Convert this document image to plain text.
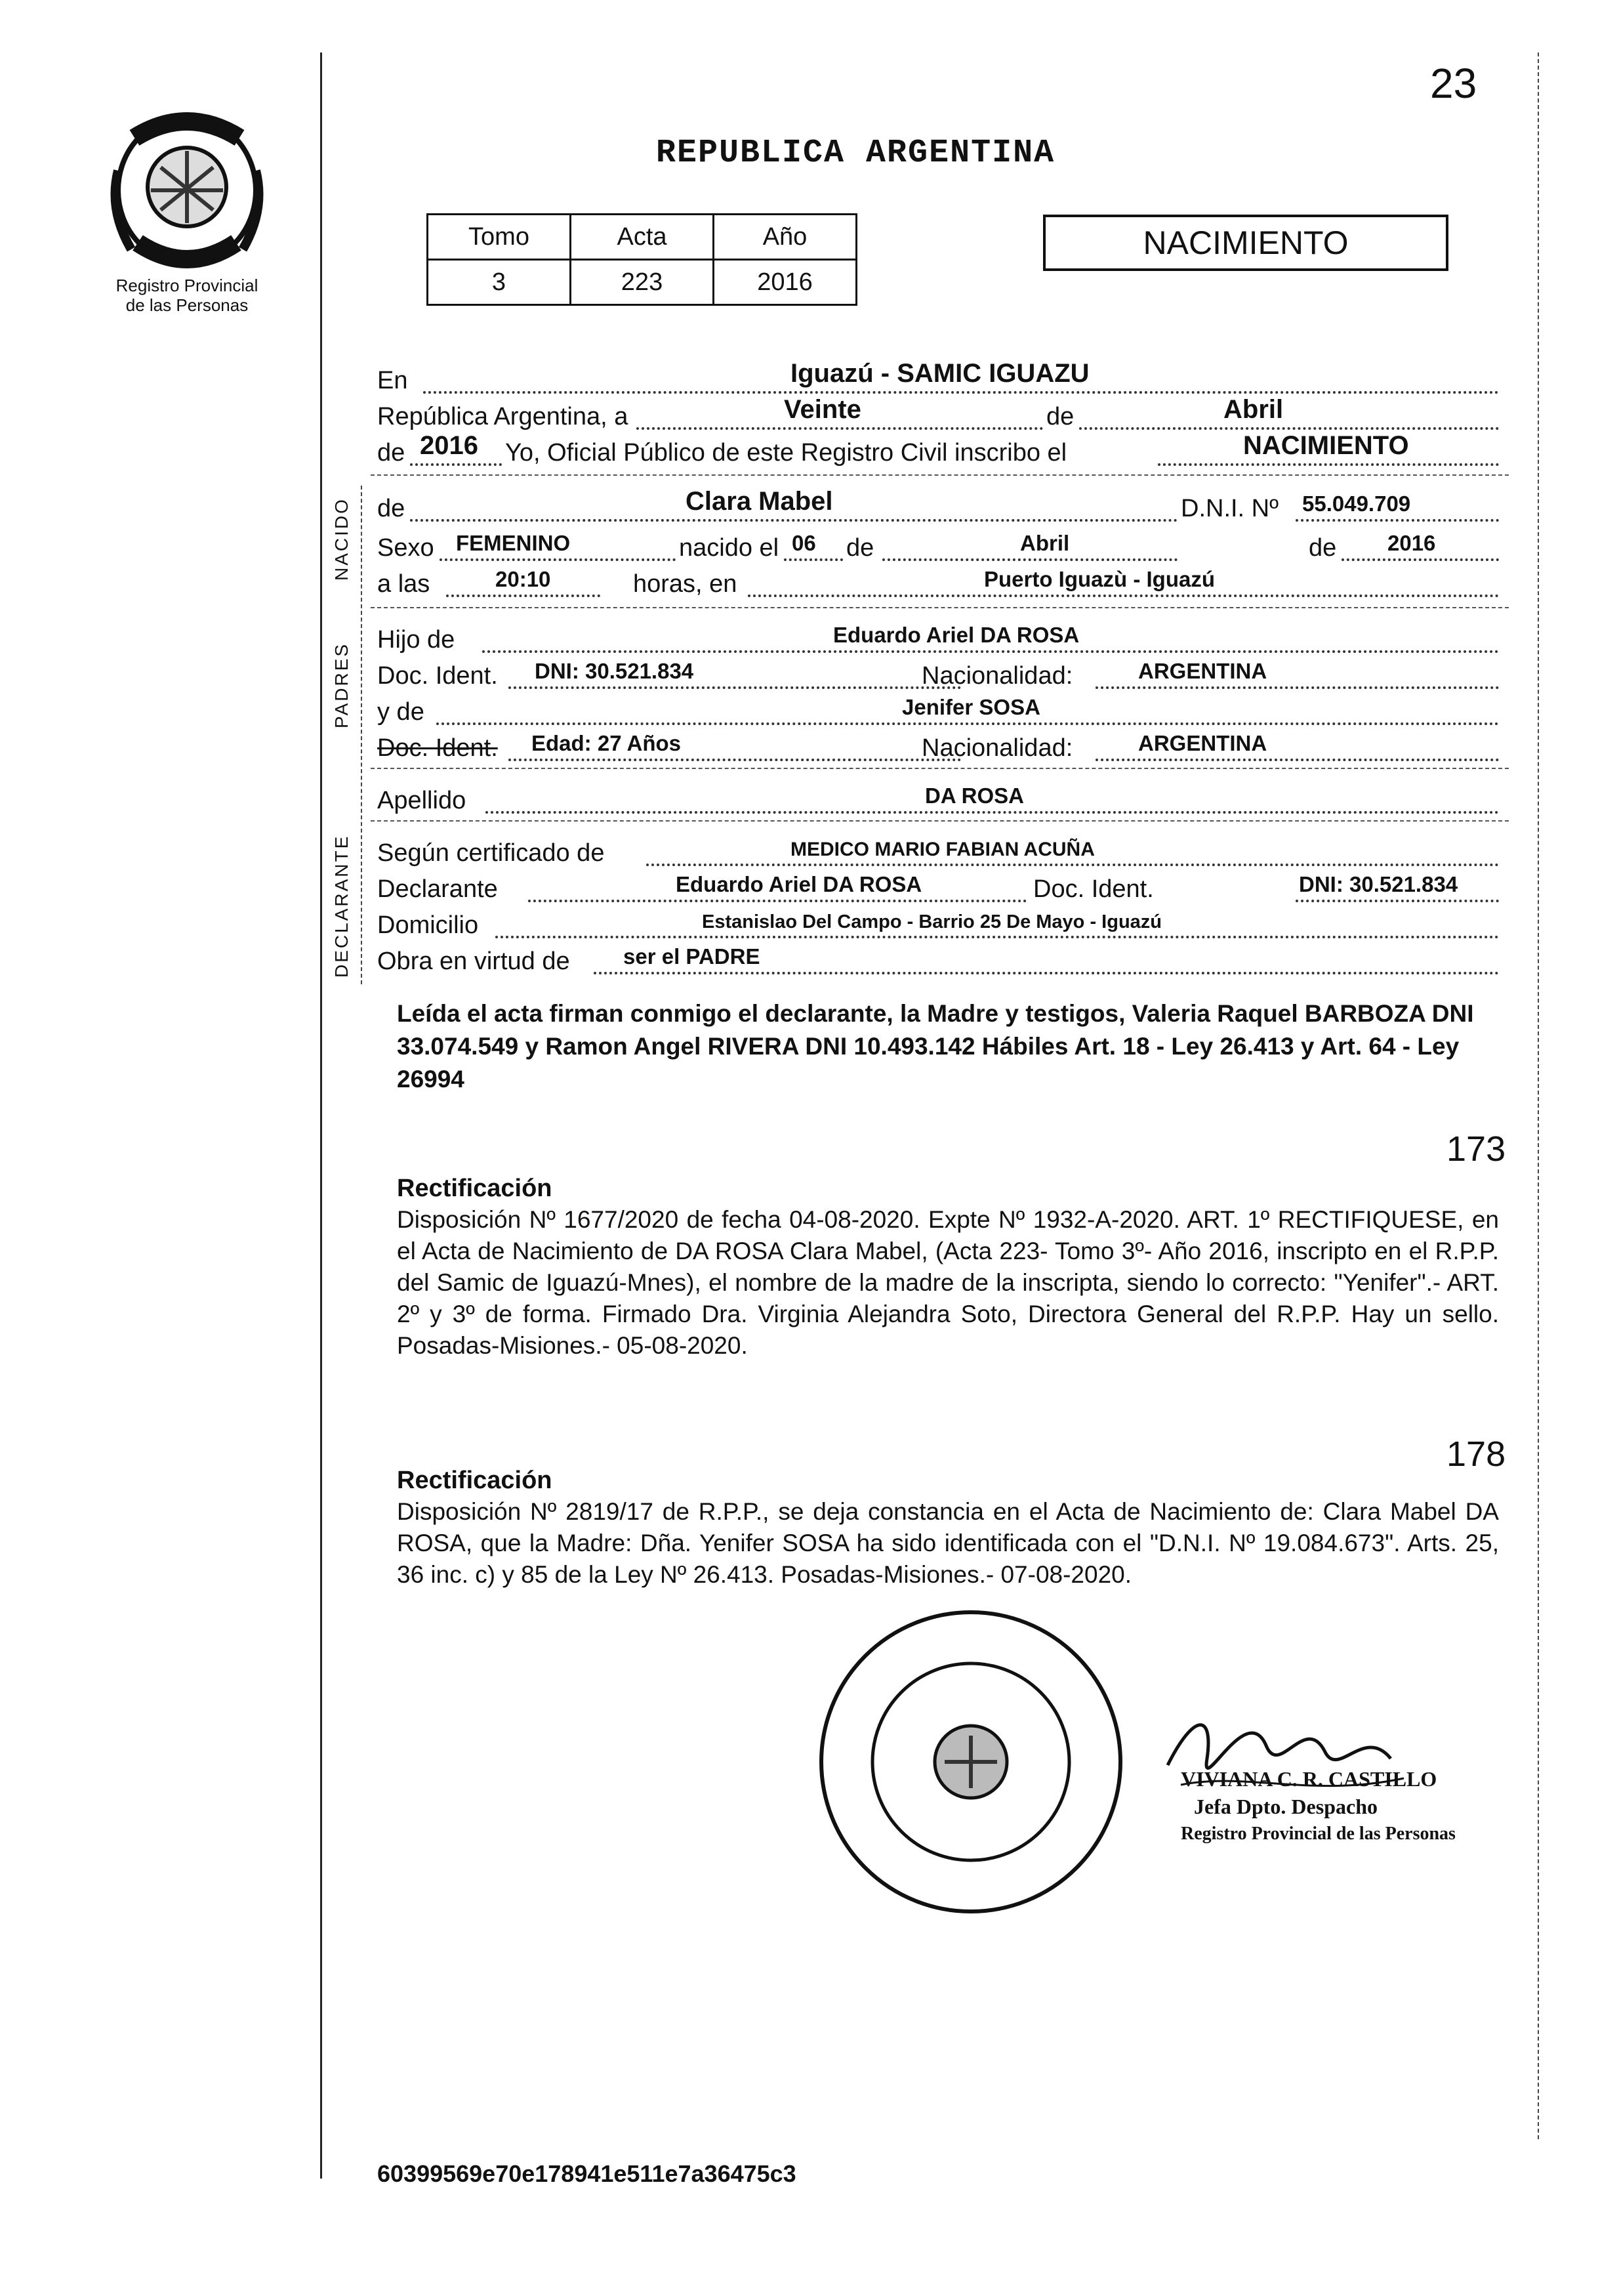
Registro Provincial
de las Personas
23
REPUBLICA ARGENTINA
Tomo	Acta	Año
3	223	2016
NACIMIENTO
NACIDO
PADRES
DECLARANTE
En	Iguazú - SAMIC IGUAZU
República Argentina, a	Veinte	de	Abril
de 2016 Yo, Oficial Público de este Registro Civil inscribo el	NACIMIENTO
de	Clara Mabel	D.N.I. Nº 55.049.709
Sexo FEMENINO	nacido el 06 de	Abril	de 2016
a las	20:10	horas, en	Puerto Iguazù - Iguazú
Hijo de	Eduardo Ariel DA ROSA
Doc. Ident. DNI: 30.521.834	Nacionalidad:	ARGENTINA
y de	Jenifer SOSA
Doc. Ident. Edad: 27 Años	Nacionalidad:	ARGENTINA
Apellido	DA ROSA
Según certificado de	MEDICO MARIO FABIAN ACUÑA
Declarante	Eduardo Ariel DA ROSA	Doc. Ident.	DNI: 30.521.834
Domicilio	Estanislao Del Campo - Barrio 25 De Mayo - Iguazú
Obra en virtud de ser el PADRE
Leída el acta firman conmigo el declarante, la Madre y testigos, Valeria Raquel BARBOZA DNI 33.074.549 y Ramon Angel RIVERA DNI 10.493.142 Hábiles Art. 18 - Ley 26.413 y Art. 64 - Ley 26994
173
Rectificación
Disposición Nº 1677/2020 de fecha 04-08-2020. Expte Nº 1932-A-2020. ART. 1º RECTIFIQUESE, en el Acta de Nacimiento de DA ROSA Clara Mabel, (Acta 223- Tomo 3º- Año 2016, inscripto en el R.P.P. del Samic de Iguazú-Mnes), el nombre de la madre de la inscripta, siendo lo correcto: "Yenifer".- ART. 2º y 3º de forma. Firmado Dra. Virginia Alejandra Soto, Directora General del R.P.P. Hay un sello. Posadas-Misiones.- 05-08-2020.
178
Rectificación
Disposición Nº 2819/17 de R.P.P., se deja constancia en el Acta de Nacimiento de: Clara Mabel DA ROSA, que la Madre: Dña. Yenifer SOSA ha sido identificada con el "D.N.I. Nº 19.084.673". Arts. 25, 36 inc. c) y 85 de la Ley Nº 26.413. Posadas-Misiones.- 07-08-2020.
VIVIANA C. R. CASTILLO
Jefa Dpto. Despacho
Registro Provincial de las Personas
60399569e70e178941e511e7a36475c3
